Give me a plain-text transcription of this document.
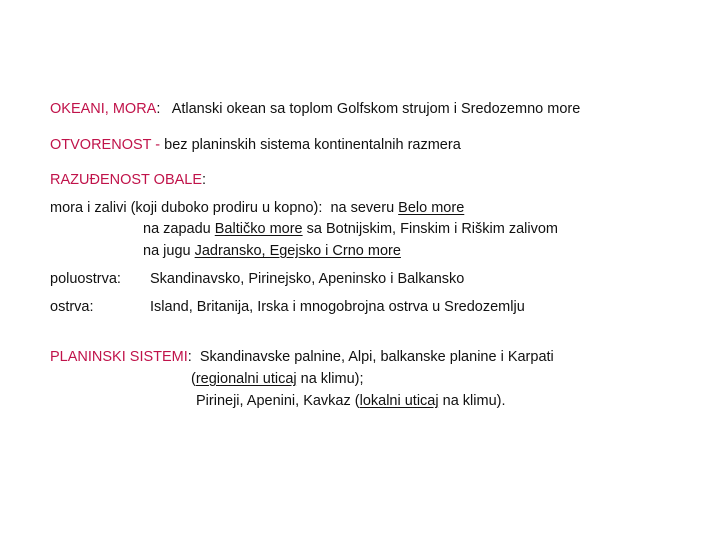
OKEANI, MORA: Atlanski okean sa toplom Golfskom strujom i Sredozemno more
OTVORENOST - bez planinskih sistema kontinentalnih razmera
RAZUĐENOST OBALE:
mora i zalivi (koji duboko prodiru u kopno):  na severu Belo more
na zapadu Baltičko more sa Botnijskim, Finskim i Riškim zalivom
na jugu Jadransko, Egejsko i Crno more
poluostrva: Skandinavsko, Pirinejsko, Apeninsko i Balkansko
ostrva:	Island, Britanija, Irska i mnogobrojna ostrva u Sredozemlju
PLANINSKI SISTEMI: Skandinavske palnine, Alpi, balkanske planine i Karpati
(regionalni uticaj na klimu);
Pirineji, Apenini, Kavkaz (lokalni uticaj na klimu).
